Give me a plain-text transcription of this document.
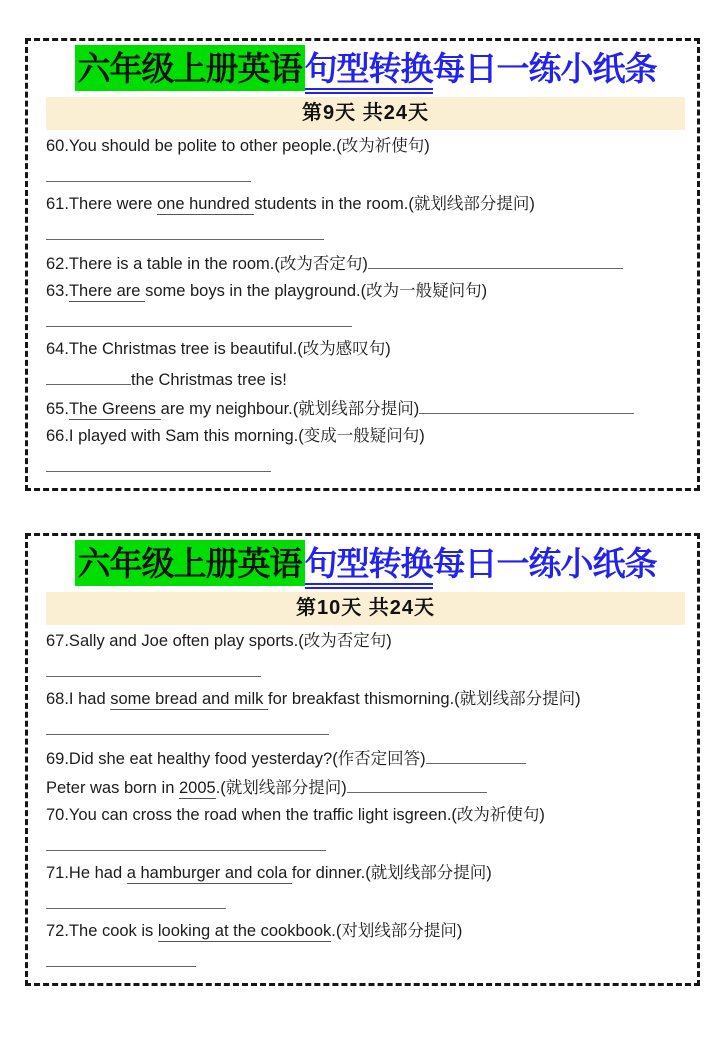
六年级上册英语句型转换每日一练小纸条
第9天 共24天
60.You should be polite to other people.(改为祈使句)
61.There were one hundred students in the room.(就划线部分提问)
62.There is a table in the room.(改为否定句)
63.There are some boys in the playground.(改为一般疑问句)
64.The Christmas tree is beautiful.(改为感叹句)
the Christmas tree is!
65.The Greens are my neighbour.(就划线部分提问)
66.I played with Sam this morning.(变成一般疑问句)
六年级上册英语句型转换每日一练小纸条
第10天 共24天
67.Sally and Joe often play sports.(改为否定句)
68.I had some bread and milk for breakfast thismorning.(就划线部分提问)
69.Did she eat healthy food yesterday?(作否定回答)
Peter was born in 2005.(就划线部分提问)
70.You can cross the road when the traffic light isgreen.(改为祈使句)
71.He had a hamburger and cola for dinner.(就划线部分提问)
72.The cook is looking at the cookbook.(对划线部分提问)
